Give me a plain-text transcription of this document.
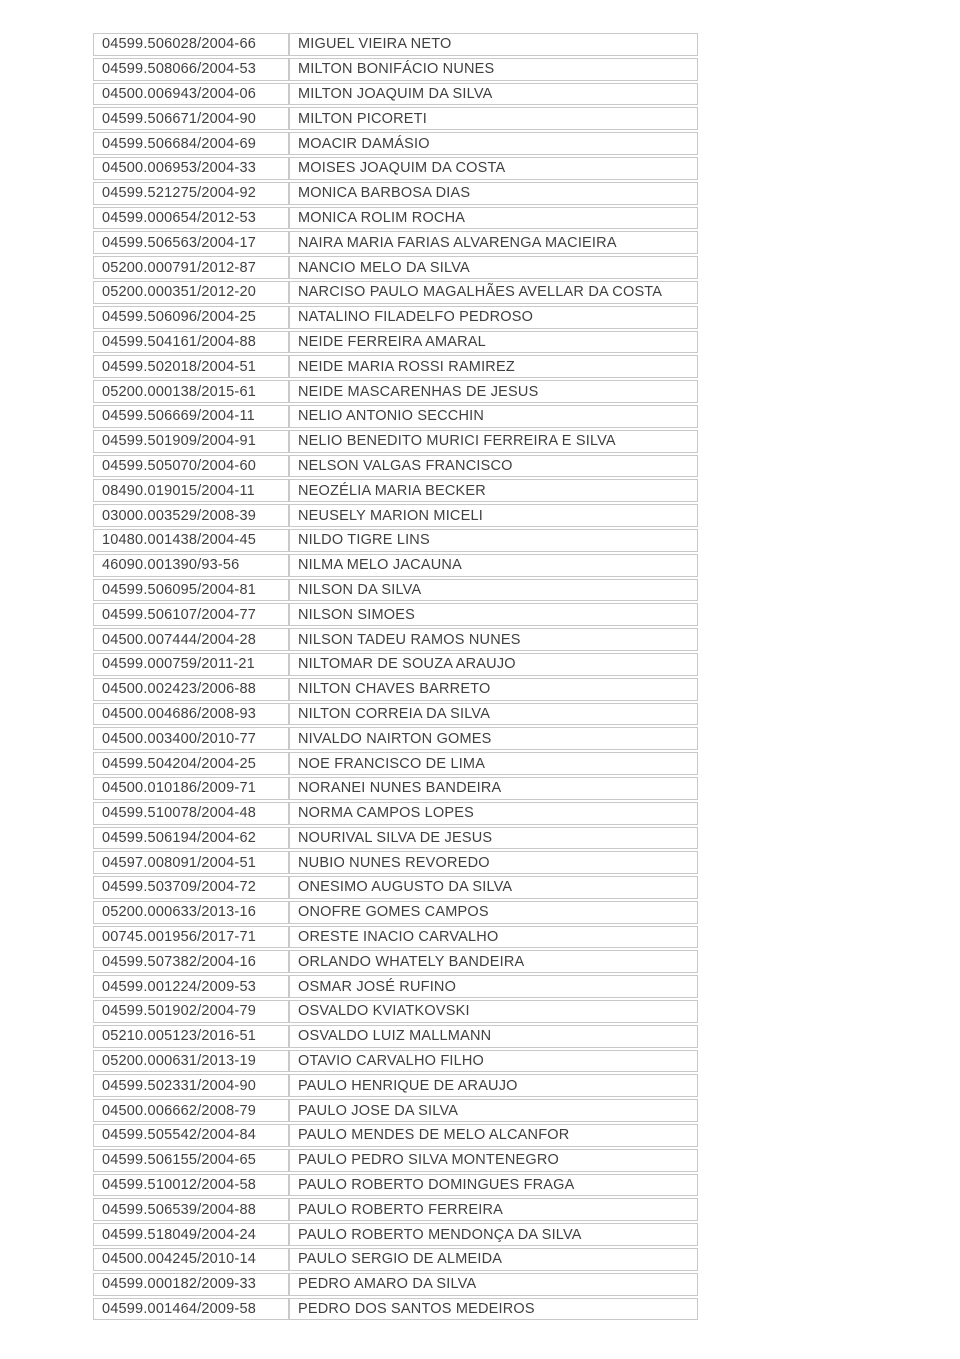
04599.506028/2004-66	MIGUEL VIEIRA NETO
04599.508066/2004-53	MILTON BONIFÁCIO NUNES
04500.006943/2004-06	MILTON JOAQUIM DA SILVA
04599.506671/2004-90	MILTON PICORETI
04599.506684/2004-69	MOACIR DAMÁSIO
04500.006953/2004-33	MOISES JOAQUIM DA COSTA
04599.521275/2004-92	MONICA BARBOSA DIAS
04599.000654/2012-53	MONICA ROLIM ROCHA
04599.506563/2004-17	NAIRA MARIA FARIAS ALVARENGA MACIEIRA
05200.000791/2012-87	NANCIO MELO DA SILVA
05200.000351/2012-20	NARCISO PAULO MAGALHÃES AVELLAR DA COSTA
04599.506096/2004-25	NATALINO FILADELFO PEDROSO
04599.504161/2004-88	NEIDE FERREIRA AMARAL
04599.502018/2004-51	NEIDE MARIA ROSSI RAMIREZ
05200.000138/2015-61	NEIDE MASCARENHAS DE JESUS
04599.506669/2004-11	NELIO ANTONIO SECCHIN
04599.501909/2004-91	NELIO BENEDITO MURICI FERREIRA E SILVA
04599.505070/2004-60	NELSON VALGAS FRANCISCO
08490.019015/2004-11	NEOZÉLIA MARIA BECKER
03000.003529/2008-39	NEUSELY MARION MICELI
10480.001438/2004-45	NILDO TIGRE LINS
46090.001390/93-56	NILMA MELO JACAUNA
04599.506095/2004-81	NILSON DA SILVA
04599.506107/2004-77	NILSON SIMOES
04500.007444/2004-28	NILSON TADEU RAMOS NUNES
04599.000759/2011-21	NILTOMAR DE SOUZA ARAUJO
04500.002423/2006-88	NILTON CHAVES BARRETO
04500.004686/2008-93	NILTON CORREIA DA SILVA
04500.003400/2010-77	NIVALDO NAIRTON GOMES
04599.504204/2004-25	NOE FRANCISCO DE LIMA
04500.010186/2009-71	NORANEI NUNES BANDEIRA
04599.510078/2004-48	NORMA CAMPOS LOPES
04599.506194/2004-62	NOURIVAL SILVA DE JESUS
04597.008091/2004-51	NUBIO NUNES REVOREDO
04599.503709/2004-72	ONESIMO AUGUSTO DA SILVA
05200.000633/2013-16	ONOFRE GOMES CAMPOS
00745.001956/2017-71	ORESTE INACIO CARVALHO
04599.507382/2004-16	ORLANDO WHATELY BANDEIRA
04599.001224/2009-53	OSMAR JOSÉ RUFINO
04599.501902/2004-79	OSVALDO KVIATKOVSKI
05210.005123/2016-51	OSVALDO LUIZ MALLMANN
05200.000631/2013-19	OTAVIO CARVALHO FILHO
04599.502331/2004-90	PAULO HENRIQUE DE ARAUJO
04500.006662/2008-79	PAULO JOSE DA SILVA
04599.505542/2004-84	PAULO MENDES DE MELO ALCANFOR
04599.506155/2004-65	PAULO PEDRO SILVA MONTENEGRO
04599.510012/2004-58	PAULO ROBERTO DOMINGUES FRAGA
04599.506539/2004-88	PAULO ROBERTO FERREIRA
04599.518049/2004-24	PAULO ROBERTO MENDONÇA DA SILVA
04500.004245/2010-14	PAULO SERGIO DE ALMEIDA
04599.000182/2009-33	PEDRO AMARO DA SILVA
04599.001464/2009-58	PEDRO DOS SANTOS MEDEIROS
